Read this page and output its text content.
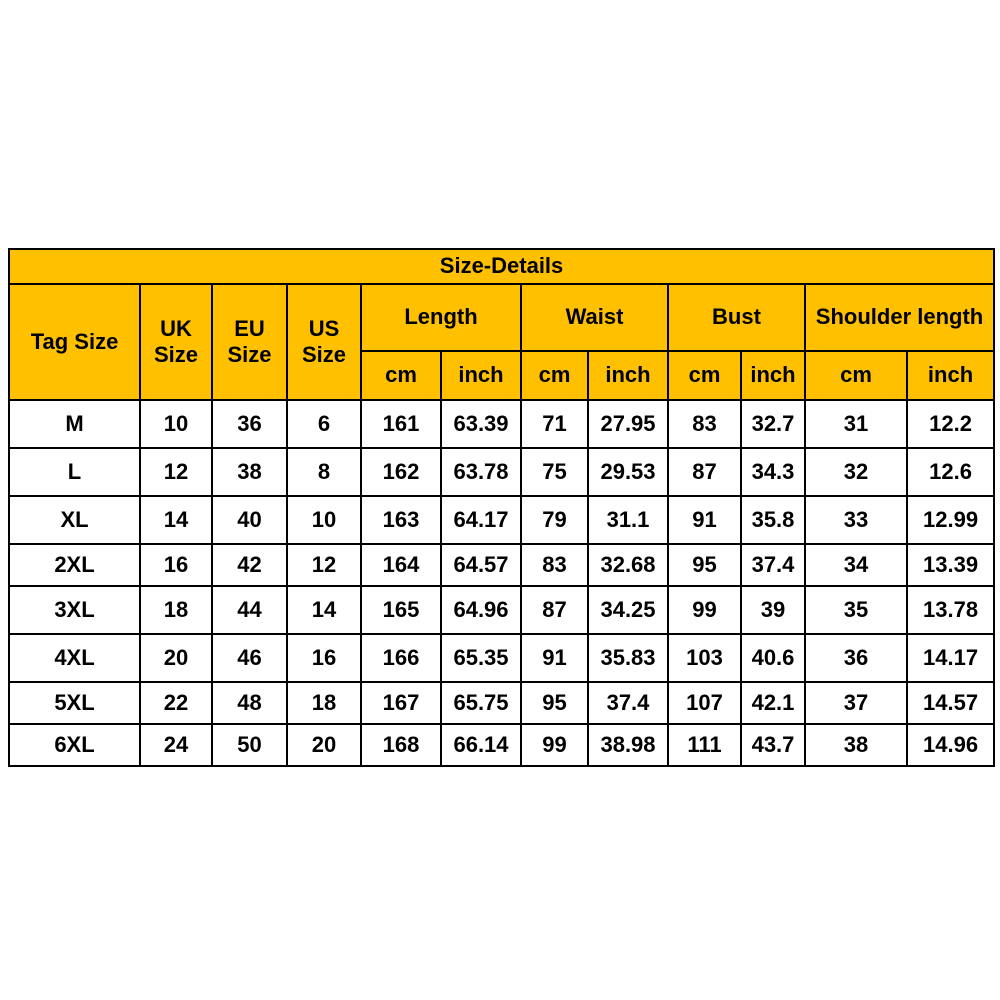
Size-Details											
Tag Size	UK Size	EU Size	US Size	Length		Waist		Bust		Shoulder length	
				cm	inch	cm	inch	cm	inch	cm	inch
M	10	36	6	161	63.39	71	27.95	83	32.7	31	12.2
L	12	38	8	162	63.78	75	29.53	87	34.3	32	12.6
XL	14	40	10	163	64.17	79	31.1	91	35.8	33	12.99
2XL	16	42	12	164	64.57	83	32.68	95	37.4	34	13.39
3XL	18	44	14	165	64.96	87	34.25	99	39	35	13.78
4XL	20	46	16	166	65.35	91	35.83	103	40.6	36	14.17
5XL	22	48	18	167	65.75	95	37.4	107	42.1	37	14.57
6XL	24	50	20	168	66.14	99	38.98	111	43.7	38	14.96
